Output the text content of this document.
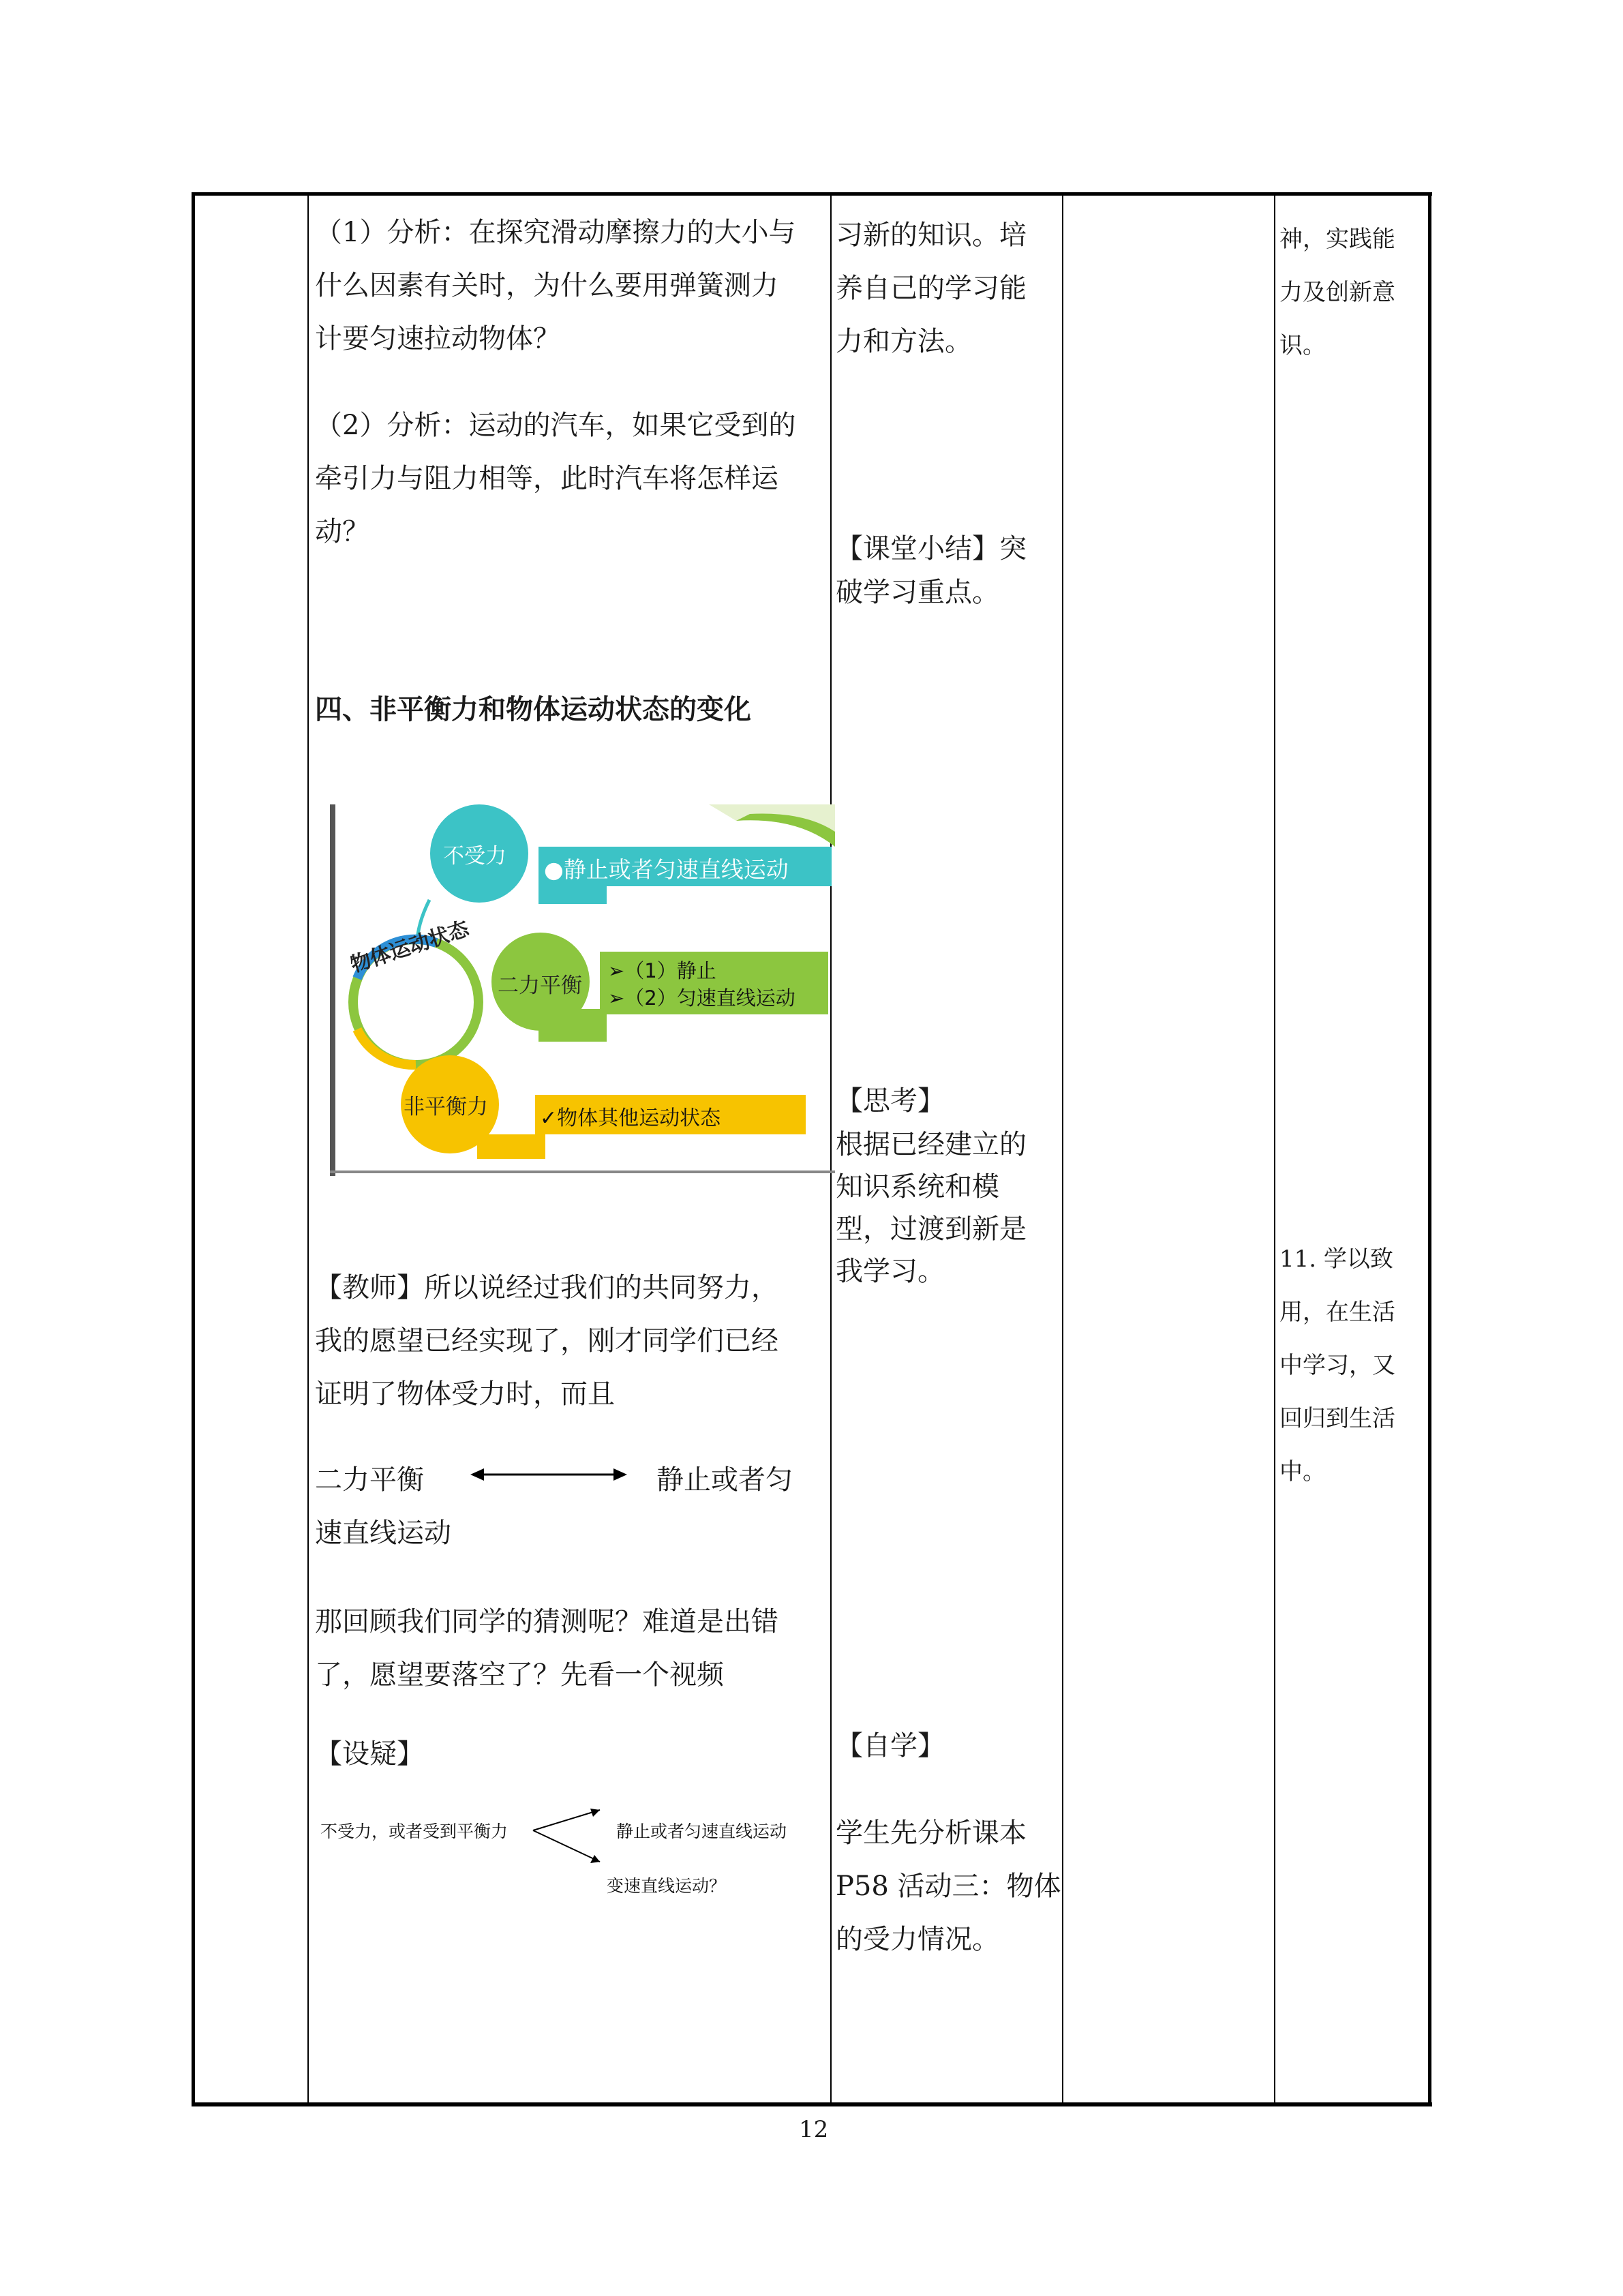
（1）分析：在探究滑动摩擦力的大小与
什么因素有关时，为什么要用弹簧测力
计要匀速拉动物体？
（2）分析：运动的汽车，如果它受到的
牵引力与阻力相等，此时汽车将怎样运
动？
四、非平衡力和物体运动状态的变化
物体运动状态
不受力 ●静止或者匀速直线运动
二力平衡
➢（1）静止
➢（2）匀速直线运动
非平衡力	✓物体其他运动状态
【教师】所以说经过我们的共同努力，
我的愿望已经实现了，刚才同学们已经
证明了物体受力时，而且
二力平衡	静止或者匀
速直线运动
那回顾我们同学的猜测呢？难道是出错
了，愿望要落空了？先看一个视频
【设疑】
不受力，或者受到平衡力	静止或者匀速直线运动
变速直线运动？
习新的知识。培
养自己的学习能
力和方法。
【课堂小结】突
破学习重点。
【思考】
根据已经建立的
知识系统和模
型，过渡到新是
我学习。
【自学】
学生先分析课本
P58 活动三：物体
的受力情况。
神，实践能
力及创新意
识。
11. 学以致
用，在生活
中学习，又
回归到生活
中。
12
